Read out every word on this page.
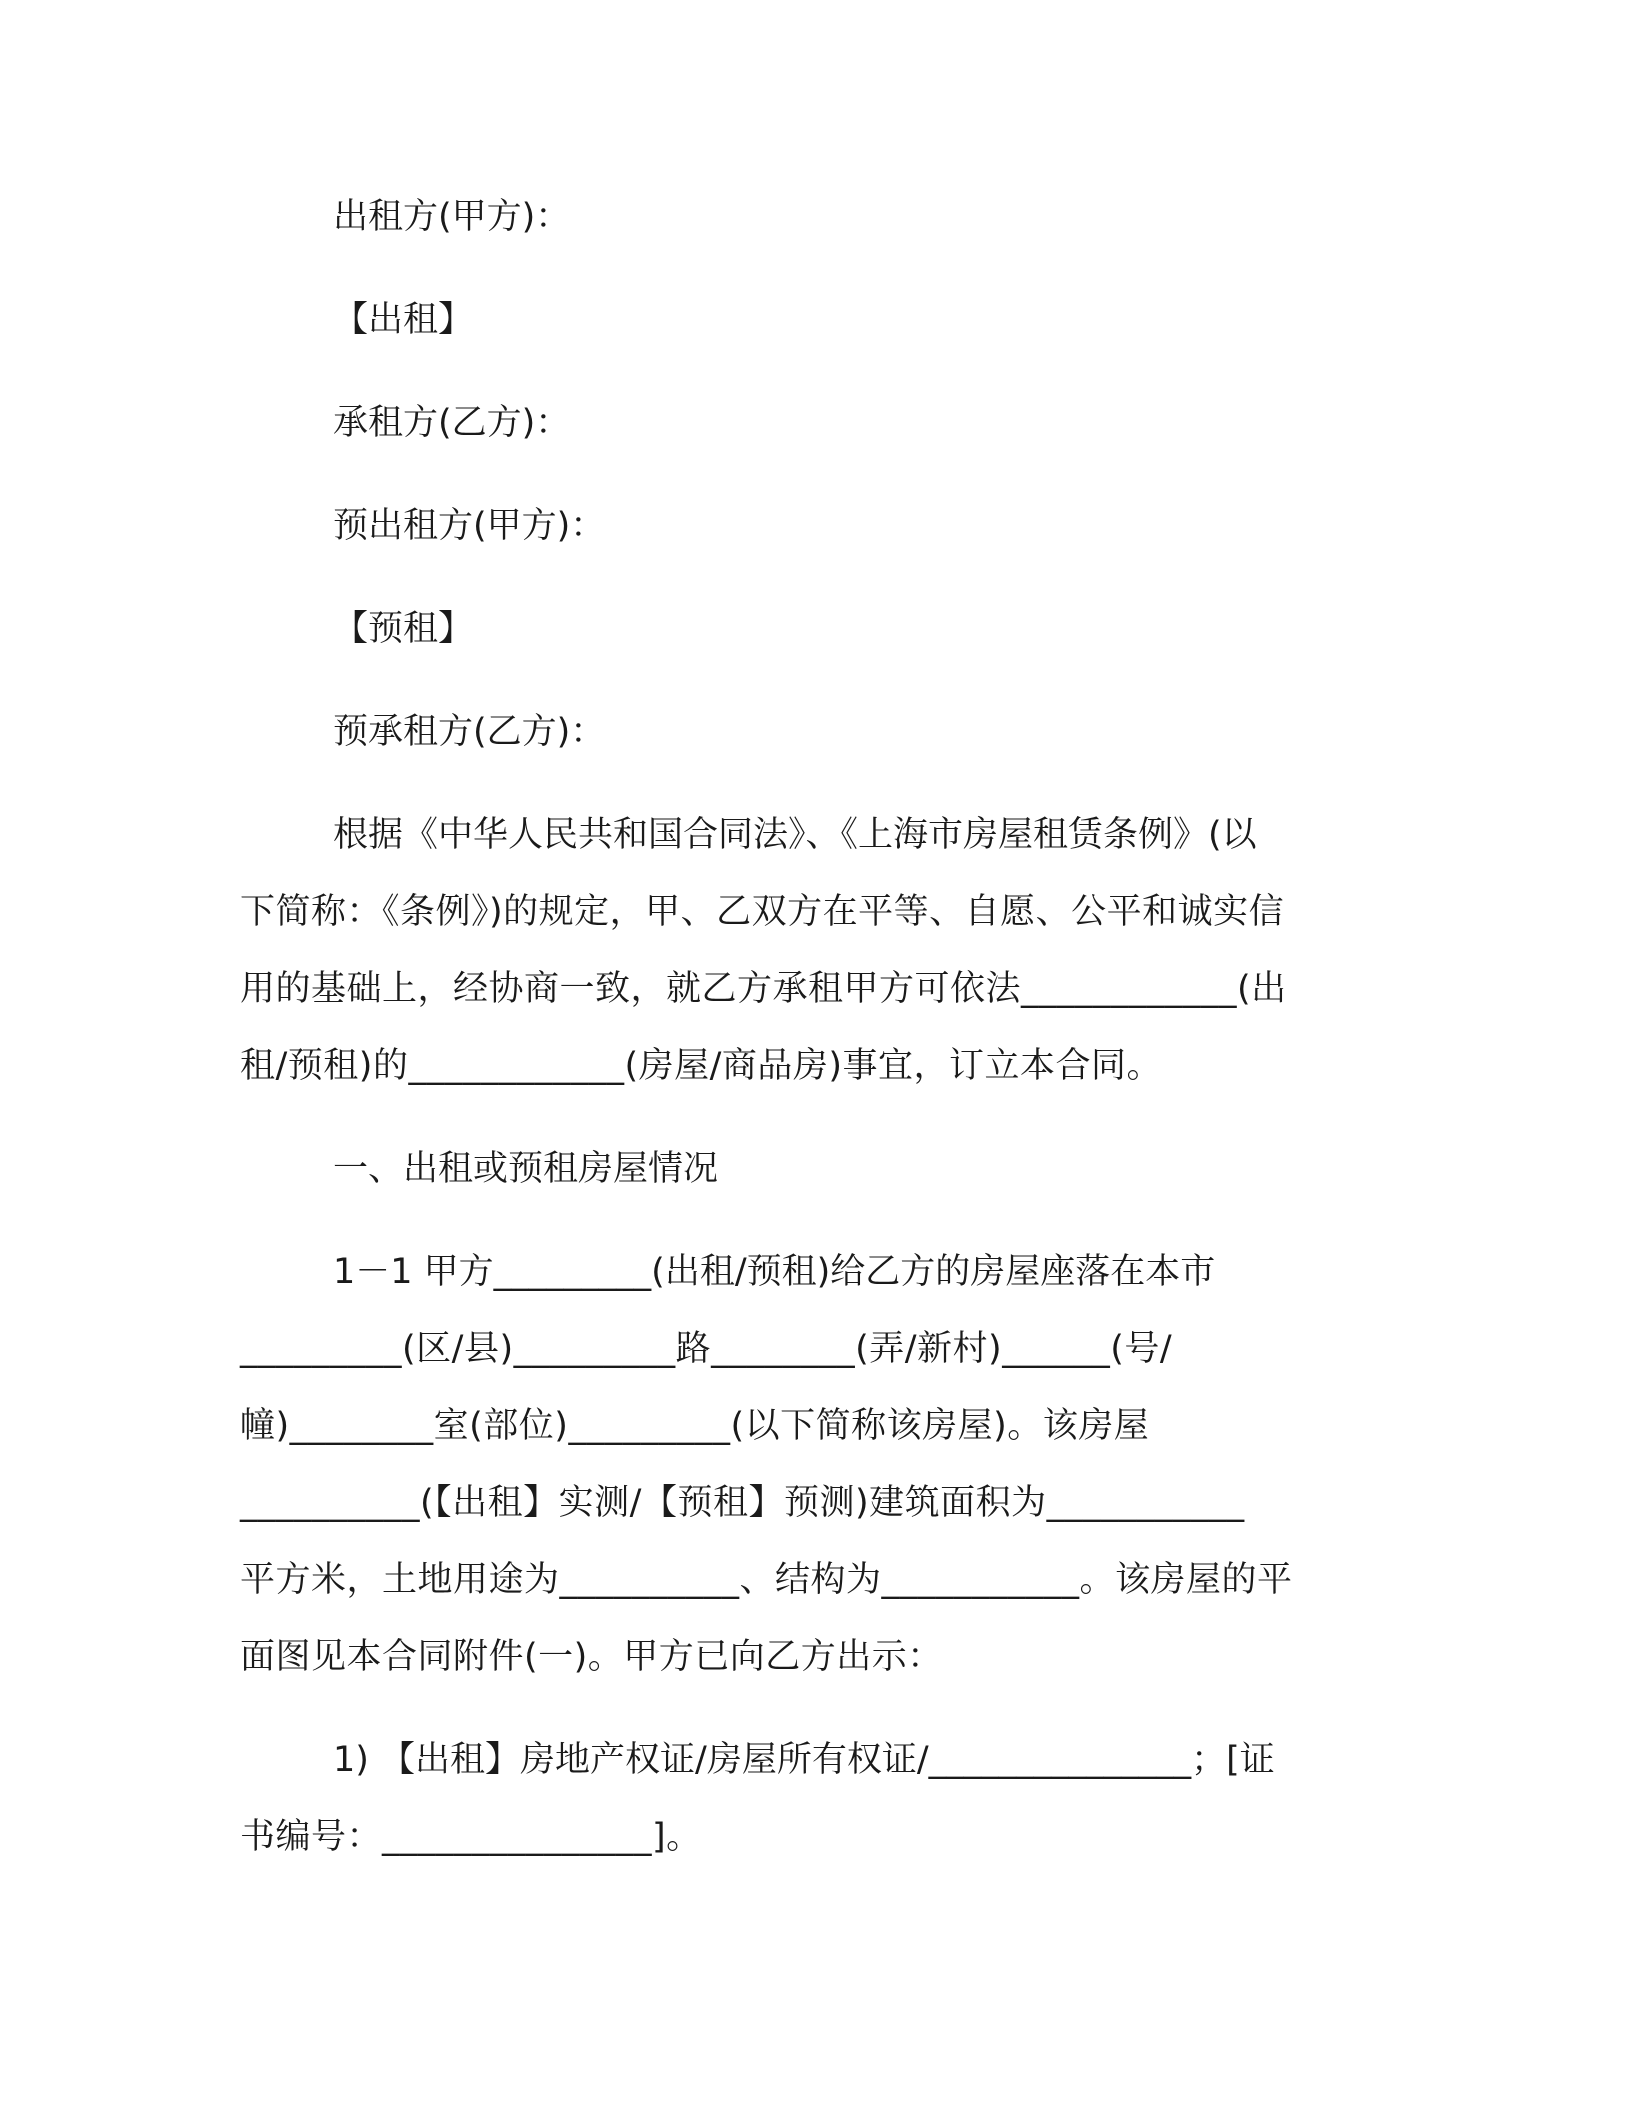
出租方(甲方)：

【出租】

承租方(乙方)：

预出租方(甲方)：

【预租】

预承租方(乙方)：

根据《中华人民共和国合同法》、《上海市房屋租赁条例》(以

下简称：《条例》)的规定，甲、乙双方在平等、自愿、公平和诚实信

用的基础上，经协商一致，就乙方承租甲方可依法____________(出

租/预租)的____________(房屋/商品房)事宜，订立本合同。

一、出租或预租房屋情况

1－1 甲方_________(出租/预租)给乙方的房屋座落在本市

_________(区/县)_________路________(弄/新村)______(号/

幢)________室(部位)_________(以下简称该房屋)。该房屋

__________(【出租】实测/【预租】预测)建筑面积为___________

平方米，土地用途为__________、结构为___________。该房屋的平

面图见本合同附件(一)。甲方已向乙方出示：

1) 【出租】房地产权证/房屋所有权证/_______________；[证

书编号：_______________]。
